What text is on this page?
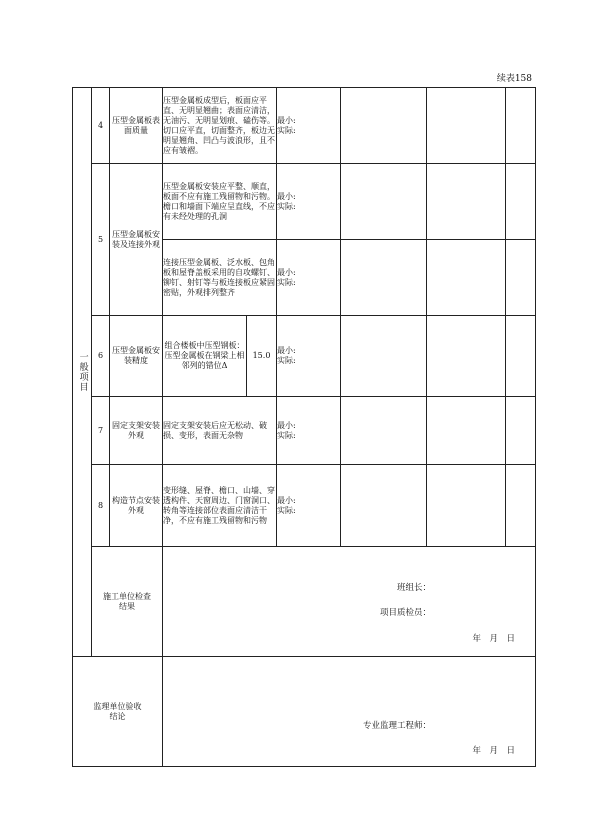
续表158
一般项目	4	压型金属板表面质量	压型金属板成型后，板面应平直、无明显翘曲；表面应清洁，无油污、无明显划痕、磕伤等。切口应平直，切面整齐，板边无明显翘角、凹凸与波浪形，且不应有皱褶。		最小:
实际:			

	5	压型金属板安装及连接外观	压型金属板安装应平整、顺直，板面不应有施工残留物和污物。檐口和墙面下端应呈直线，不应有未经处理的孔洞		最小:
实际:			

			连接压型金属板、泛水板、包角板和屋脊盖板采用的自攻螺钉、铆钉、射钉等与板连接板应紧固密贴，外观排列整齐		最小:
实际:			

	6	压型金属板安装精度	组合楼板中压型钢板：压型金属板在钢梁上相邻列的错位Δ	15.0	最小:
实际:			

	7	固定支架安装外观	固定支架安装后应无松动、破损、变形，表面无杂物		最小:
实际:			

	8	构造节点安装外观	变形缝、屋脊、檐口、山墙、穿透构件、天窗周边、门窗洞口、转角等连接部位表面应清洁干净，不应有施工残留物和污物		最小:
实际:			

	施工单位检查结果		班组长：
项目质检员：
年　月　日					

监理单位验收结论			专业监理工程师：
年　月　日					
